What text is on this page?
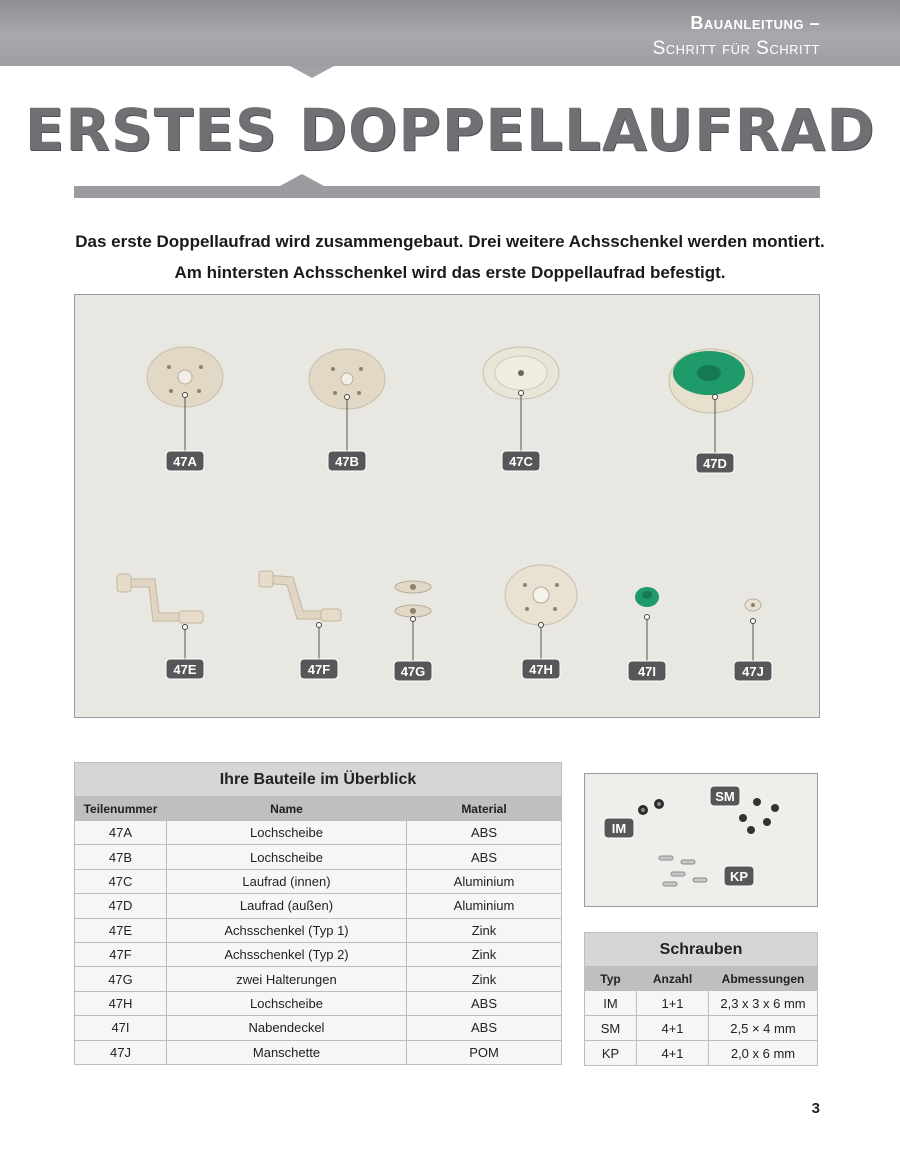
Bauanleitung –
Schritt für Schritt
ERSTES DOPPELLAUFRAD

Das erste Doppellaufrad wird zusammengebaut. Drei weitere Achsschenkel werden montiert. Am hintersten Achsschenkel wird das erste Doppellaufrad befestigt.

47A	47B	47C	47D
47E	47F	47G	47H	47I	47J
Ihre Bauteile im Überblick		
Teilenummer	Name	Material
47A	Lochscheibe	ABS
47B	Lochscheibe	ABS
47C	Laufrad (innen)	Aluminium
47D	Laufrad (außen)	Aluminium
47E	Achsschenkel (Typ 1)	Zink
47F	Achsschenkel (Typ 2)	Zink
47G	zwei Halterungen	Zink
47H	Lochscheibe	ABS
47I	Nabendeckel	ABS
47J	Manschette	POM
SM
IM
KP
Schrauben		
Typ	Anzahl	Abmessungen
IM	1+1	2,3 x 3 x 6 mm
SM	4+1	2,5 × 4 mm
KP	4+1	2,0 x 6 mm
3
